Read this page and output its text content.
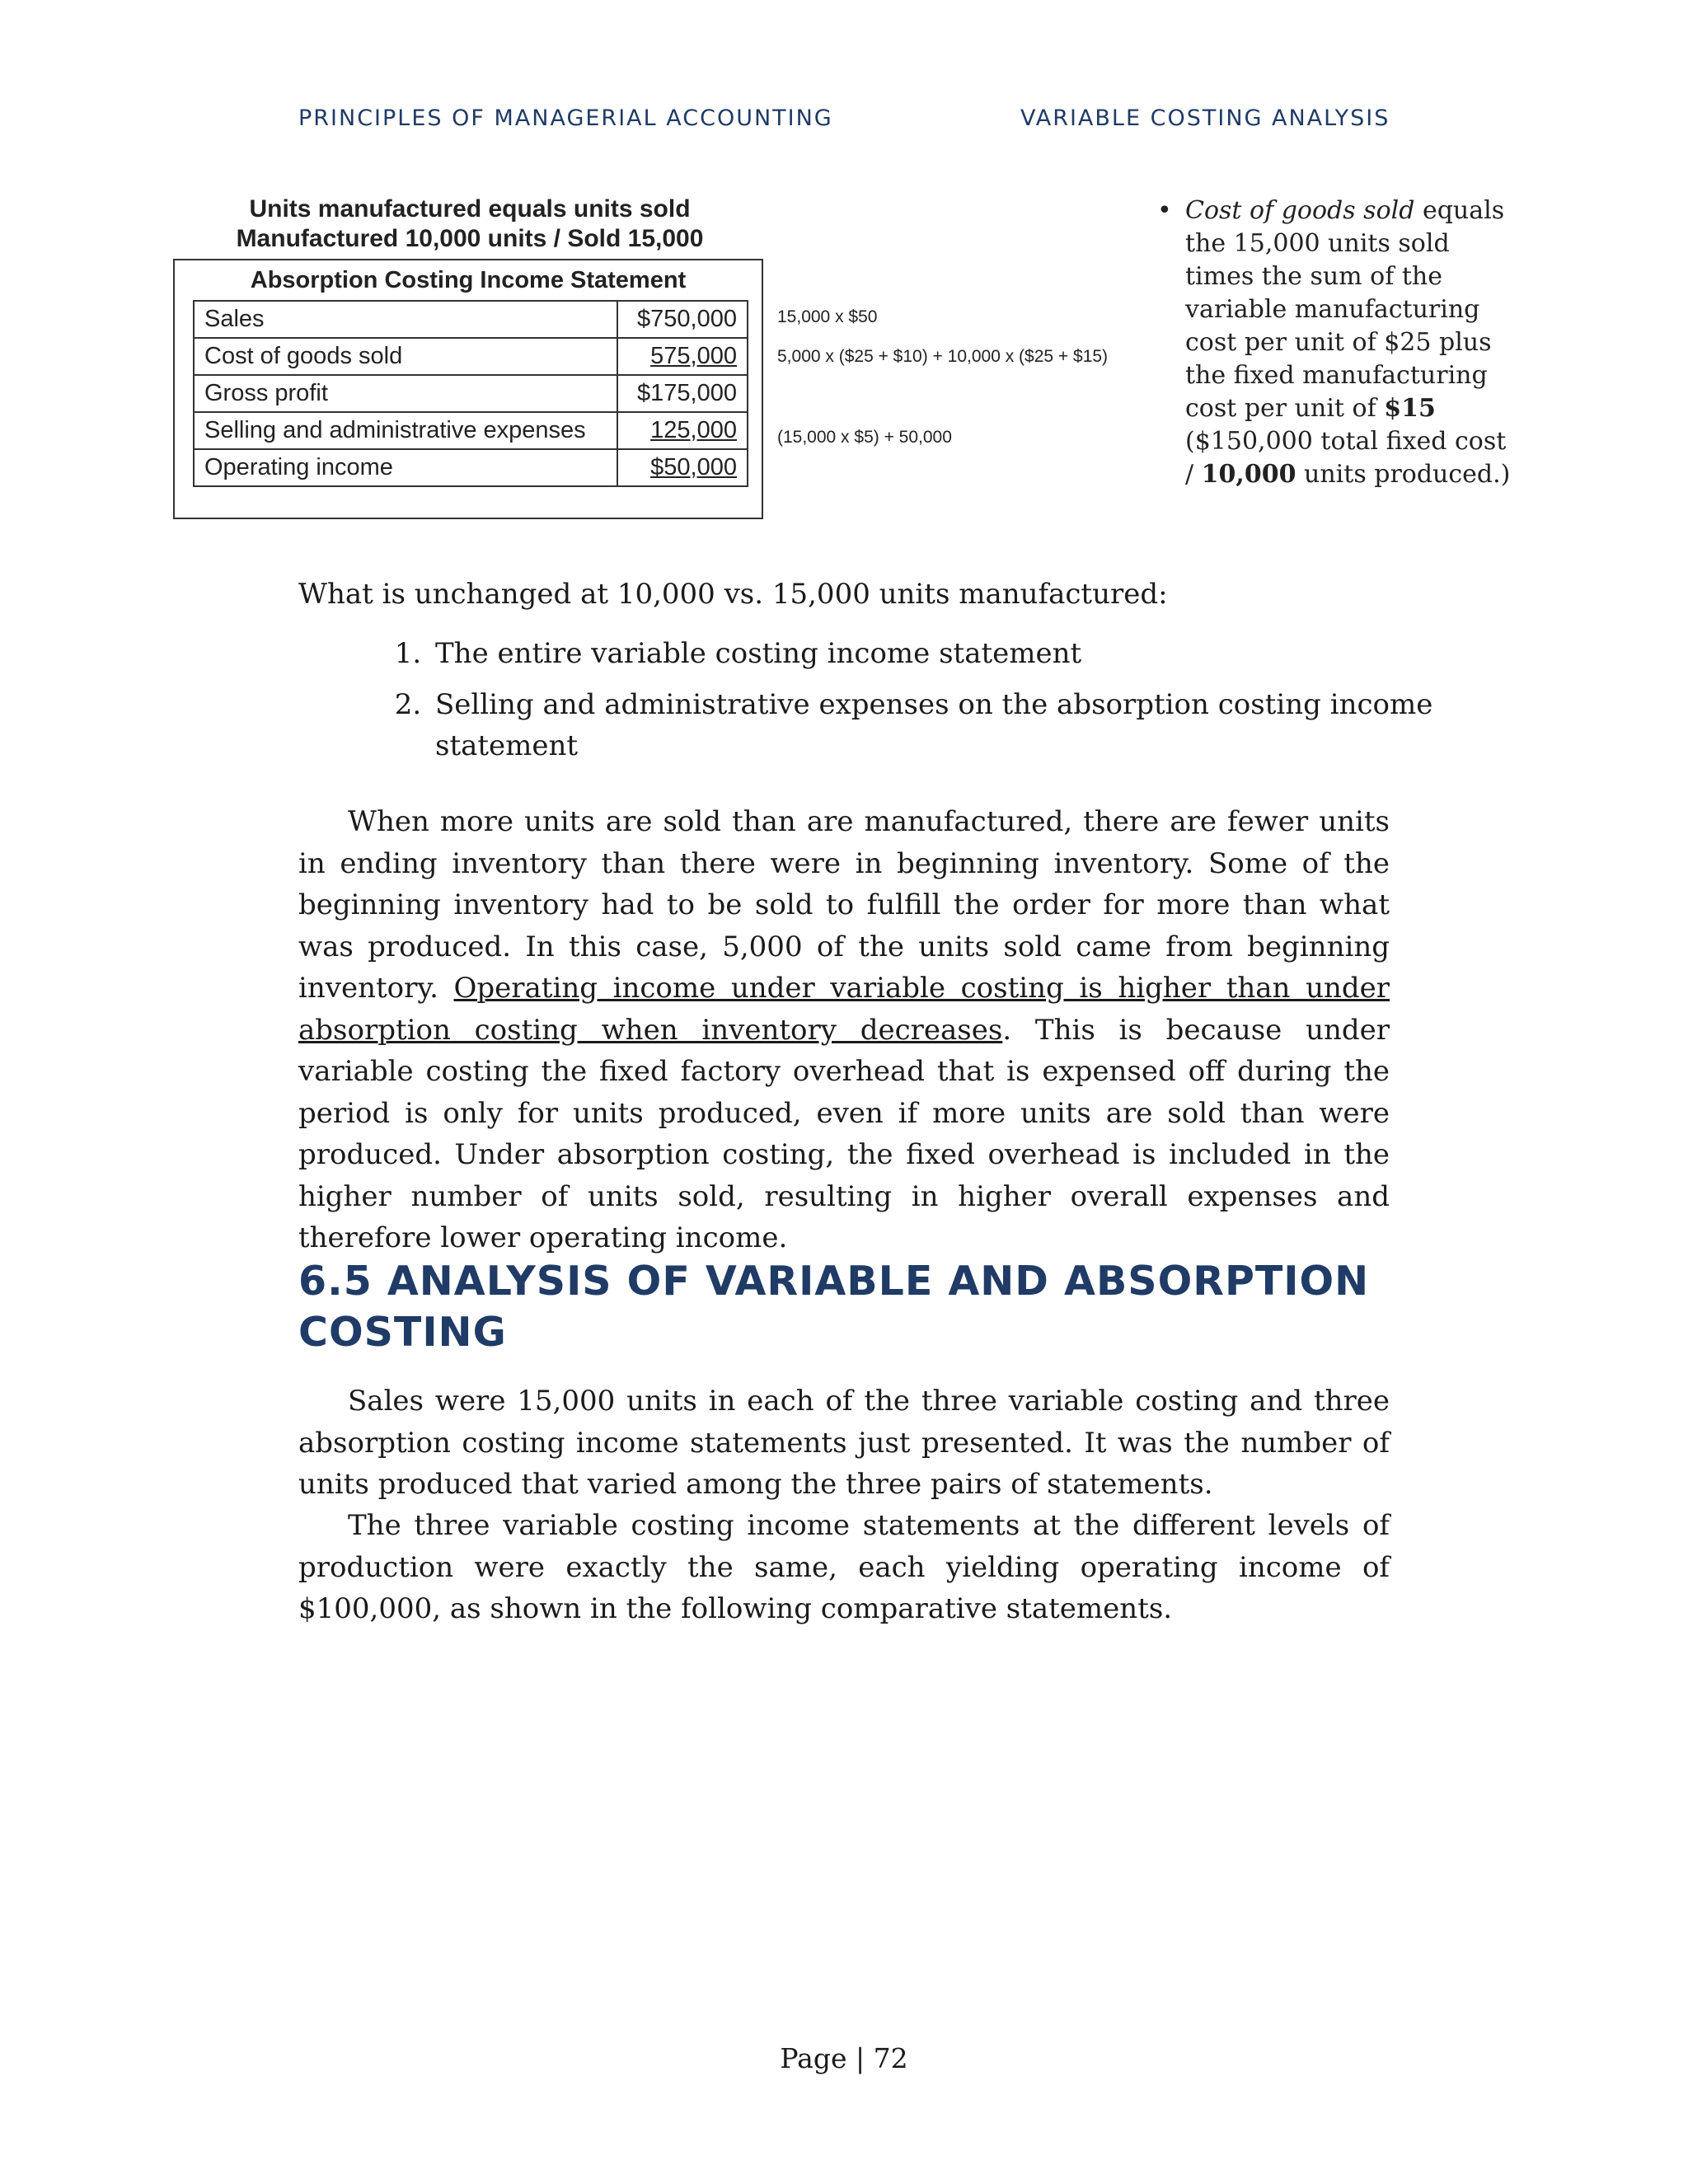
PRINCIPLES OF MANAGERIAL ACCOUNTING	VARIABLE COSTING ANALYSIS
Units manufactured equals units sold
Manufactured 10,000 units / Sold 15,000
Absorption Costing Income Statement
Sales	$750,000
Cost of goods sold	575,000
Gross profit	$175,000
Selling and administrative expenses	125,000
Operating income	$50,000
15,000 x $50
5,000 x ($25 + $10) + 10,000 x ($25 + $15)
(15,000 x $5) + 50,000
• Cost of goods sold equals the 15,000 units sold times the sum of the variable manufacturing cost per unit of $25 plus the fixed manufacturing cost per unit of $15 ($150,000 total fixed cost / 10,000 units produced.)
What is unchanged at 10,000 vs. 15,000 units manufactured:
1. The entire variable costing income statement
2. Selling and administrative expenses on the absorption costing income statement
When more units are sold than are manufactured, there are fewer units in ending inventory than there were in beginning inventory. Some of the beginning inventory had to be sold to fulfill the order for more than what was produced. In this case, 5,000 of the units sold came from beginning inventory. Operating income under variable costing is higher than under absorption costing when inventory decreases. This is because under variable costing the fixed factory overhead that is expensed off during the period is only for units produced, even if more units are sold than were produced. Under absorption costing, the fixed overhead is included in the higher number of units sold, resulting in higher overall expenses and therefore lower operating income.
6.5 ANALYSIS OF VARIABLE AND ABSORPTION COSTING
Sales were 15,000 units in each of the three variable costing and three absorption costing income statements just presented. It was the number of units produced that varied among the three pairs of statements.
The three variable costing income statements at the different levels of production were exactly the same, each yielding operating income of $100,000, as shown in the following comparative statements.
Page | 72
